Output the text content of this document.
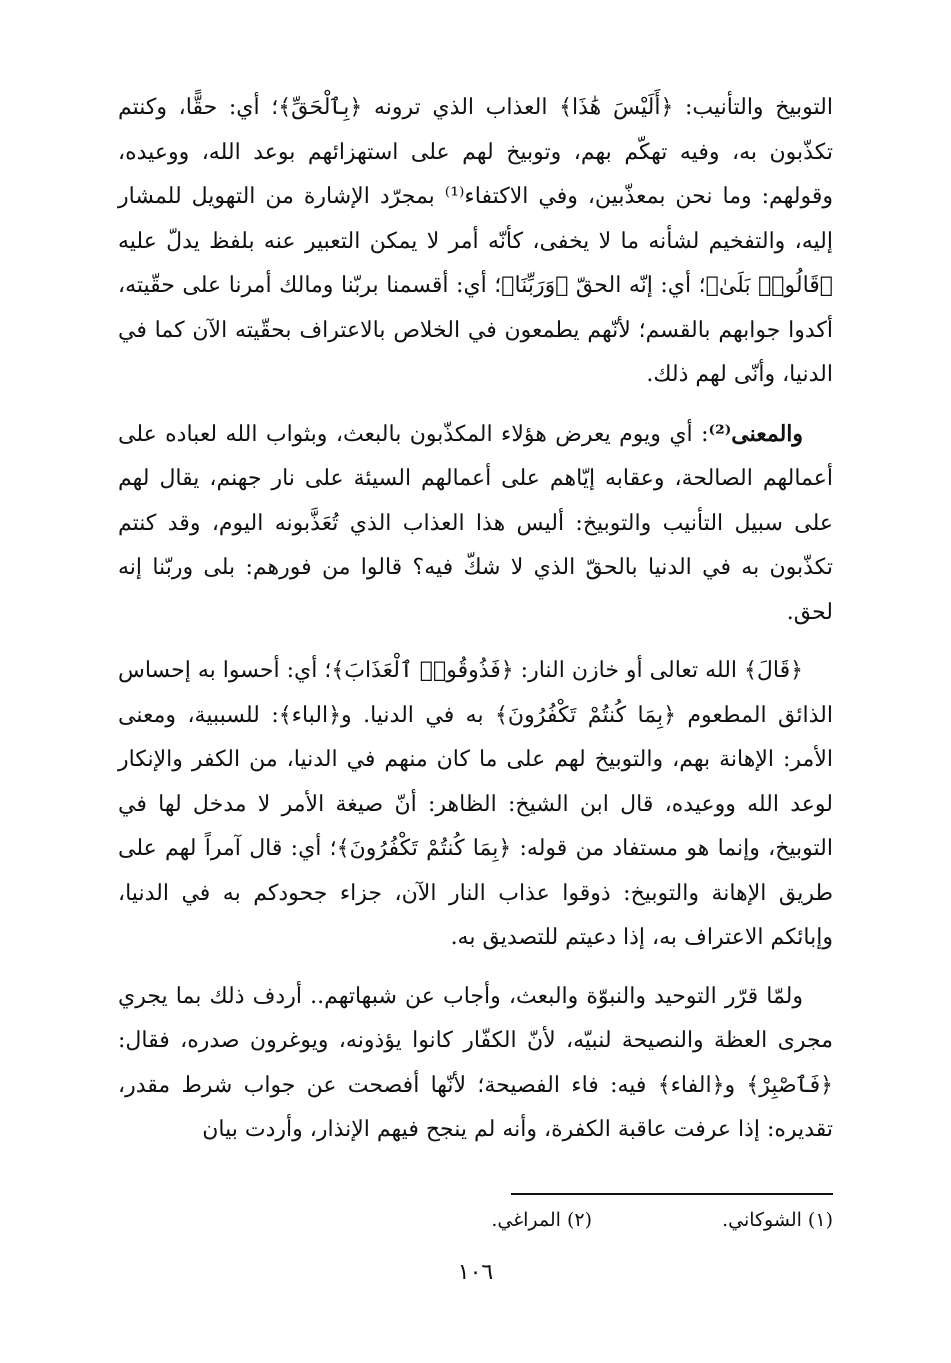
التوبيخ والتأنيب: ﴿أَلَيْسَ هَٰذَا﴾ العذاب الذي ترونه ﴿بِٱلْحَقِّ﴾؛ أي: حقًّا، وكنتم تكذّبون به، وفيه تهكّم بهم، وتوبيخ لهم على استهزائهم بوعد الله، ووعيده، وقولهم: وما نحن بمعذّبين، وفي الاكتفاء⁽¹⁾ بمجرّد الإشارة من التهويل للمشار إليه، والتفخيم لشأنه ما لا يخفى، كأنّه أمر لا يمكن التعبير عنه بلفظ يدلّ عليه ﴿قَالُوا۟ بَلَىٰ﴾؛ أي: إنّه الحقّ ﴿وَرَبِّنَا﴾؛ أي: أقسمنا بربّنا ومالك أمرنا على حقّيته، أكدوا جوابهم بالقسم؛ لأنّهم يطمعون في الخلاص بالاعتراف بحقّيته الآن كما في الدنيا، وأنّى لهم ذلك.

والمعنى⁽²⁾: أي ويوم يعرض هؤلاء المكذّبون بالبعث، وبثواب الله لعباده على أعمالهم الصالحة، وعقابه إيّاهم على أعمالهم السيئة على نار جهنم، يقال لهم على سبيل التأنيب والتوبيخ: أليس هذا العذاب الذي تُعَذَّبونه اليوم، وقد كنتم تكذّبون به في الدنيا بالحقّ الذي لا شكّ فيه؟ قالوا من فورهم: بلى وربّنا إنه لحق.

﴿قَالَ﴾ الله تعالى أو خازن النار: ﴿فَذُوقُوا۟ ٱلْعَذَابَ﴾؛ أي: أحسوا به إحساس الذائق المطعوم ﴿بِمَا كُنتُمْ تَكْفُرُونَ﴾ به في الدنيا. و﴿الباء﴾: للسببية، ومعنى الأمر: الإهانة بهم، والتوبيخ لهم على ما كان منهم في الدنيا، من الكفر والإنكار لوعد الله ووعيده، قال ابن الشيخ: الظاهر: أنّ صيغة الأمر لا مدخل لها في التوبيخ، وإنما هو مستفاد من قوله: ﴿بِمَا كُنتُمْ تَكْفُرُونَ﴾؛ أي: قال آمراً لهم على طريق الإهانة والتوبيخ: ذوقوا عذاب النار الآن، جزاء جحودكم به في الدنيا، وإبائكم الاعتراف به، إذا دعيتم للتصديق به.

ولمّا قرّر التوحيد والنبوّة والبعث، وأجاب عن شبهاتهم.. أردف ذلك بما يجري مجرى العظة والنصيحة لنبيّه، لأنّ الكفّار كانوا يؤذونه، ويوغرون صدره، فقال: ﴿فَٱصْبِرْ﴾ و﴿الفاء﴾ فيه: فاء الفصيحة؛ لأنّها أفصحت عن جواب شرط مقدر، تقديره: إذا عرفت عاقبة الكفرة، وأنه لم ينجح فيهم الإنذار، وأردت بيان

(١) الشوكاني.
(٢) المراغي.
١٠٦
